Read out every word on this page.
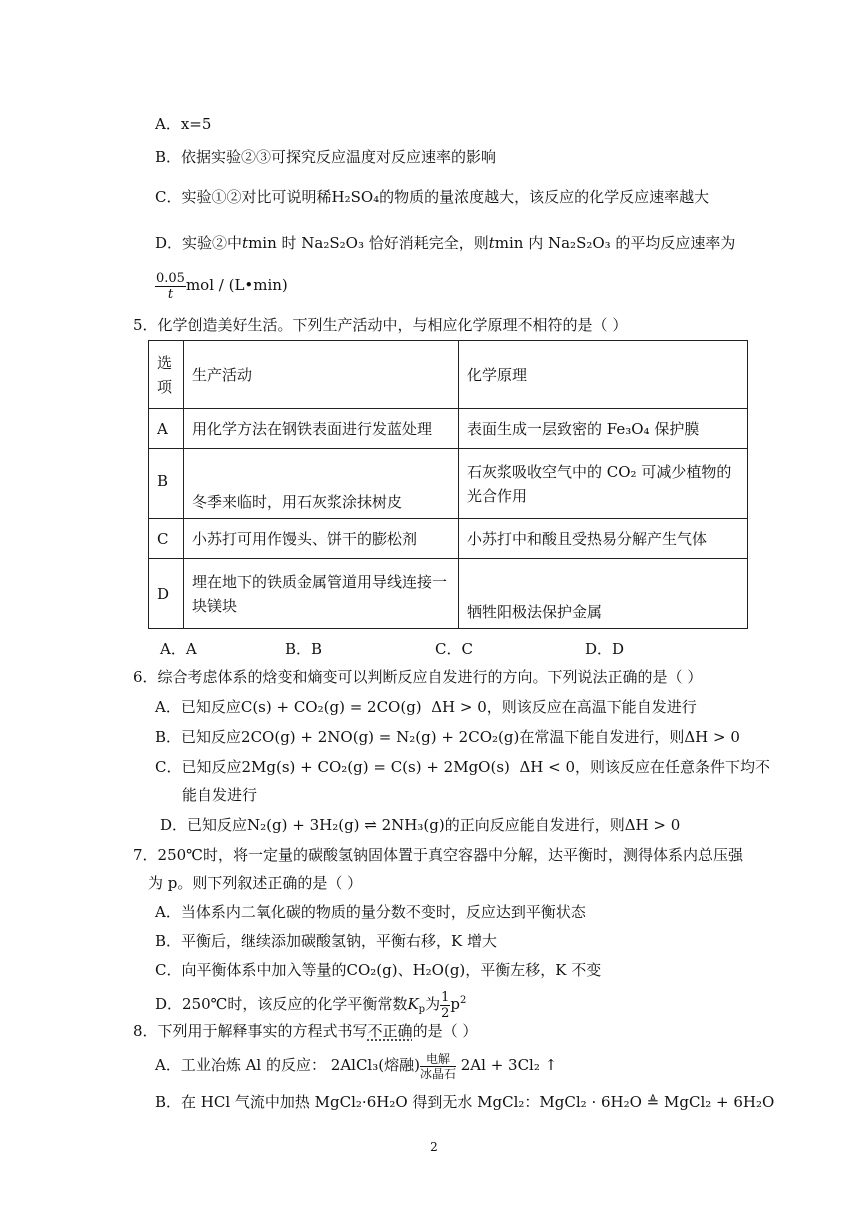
A．x=5
B．依据实验②③可探究反应温度对反应速率的影响
C．实验①②对比可说明稀H₂SO₄的物质的量浓度越大，该反应的化学反应速率越大
D．实验②中tmin 时 Na₂S₂O₃ 恰好消耗完全，则tmin 内 Na₂S₂O₃ 的平均反应速率为
$\frac{0.05}{t}$ mol / (L•min)
5．化学创造美好生活。下列生产活动中，与相应化学原理不相符的是（ ）
选项	生产活动	化学原理
A	用化学方法在钢铁表面进行发蓝处理	表面生成一层致密的 Fe₃O₄ 保护膜
B	冬季来临时，用石灰浆涂抹树皮	石灰浆吸收空气中的 CO₂ 可减少植物的光合作用
C	小苏打可用作馒头、饼干的膨松剂	小苏打中和酸且受热易分解产生气体
D	埋在地下的铁质金属管道用导线连接一块镁块	牺牲阳极法保护金属
A．A	B．B	C．C	D．D
6．综合考虑体系的焓变和熵变可以判断反应自发进行的方向。下列说法正确的是（ ）
A．已知反应C(s) + CO₂(g) = 2CO(g) ΔH > 0，则该反应在高温下能自发进行
B．已知反应2CO(g) + 2NO(g) = N₂(g) + 2CO₂(g)在常温下能自发进行，则ΔH > 0
C．已知反应2Mg(s) + CO₂(g) = C(s) + 2MgO(s) ΔH < 0，则该反应在任意条件下均不
能自发进行
D．已知反应N₂(g) + 3H₂(g) ⇌ 2NH₃(g)的正向反应能自发进行，则ΔH > 0
7．250℃时，将一定量的碳酸氢钠固体置于真空容器中分解，达平衡时，测得体系内总压强
为 p。则下列叙述正确的是（ ）
A．当体系内二氧化碳的物质的量分数不变时，反应达到平衡状态
B．平衡后，继续添加碳酸氢钠，平衡右移，K 增大
C．向平衡体系中加入等量的CO₂(g)、H₂O(g)，平衡左移，K 不变
D．250℃时，该反应的化学平衡常数$K_p$为 $\frac{1}{2} p^2$
8．下列用于解释事实的方程式书写不正确的是（ ）
A．工业冶炼 Al 的反应： 2AlCl₃(熔融) 电解
冰晶石 2Al + 3Cl₂ ↑
B．在 HCl 气流中加热 MgCl₂·6H₂O 得到无水 MgCl₂：MgCl₂ · 6H₂O ≜ MgCl₂ + 6H₂O
2
